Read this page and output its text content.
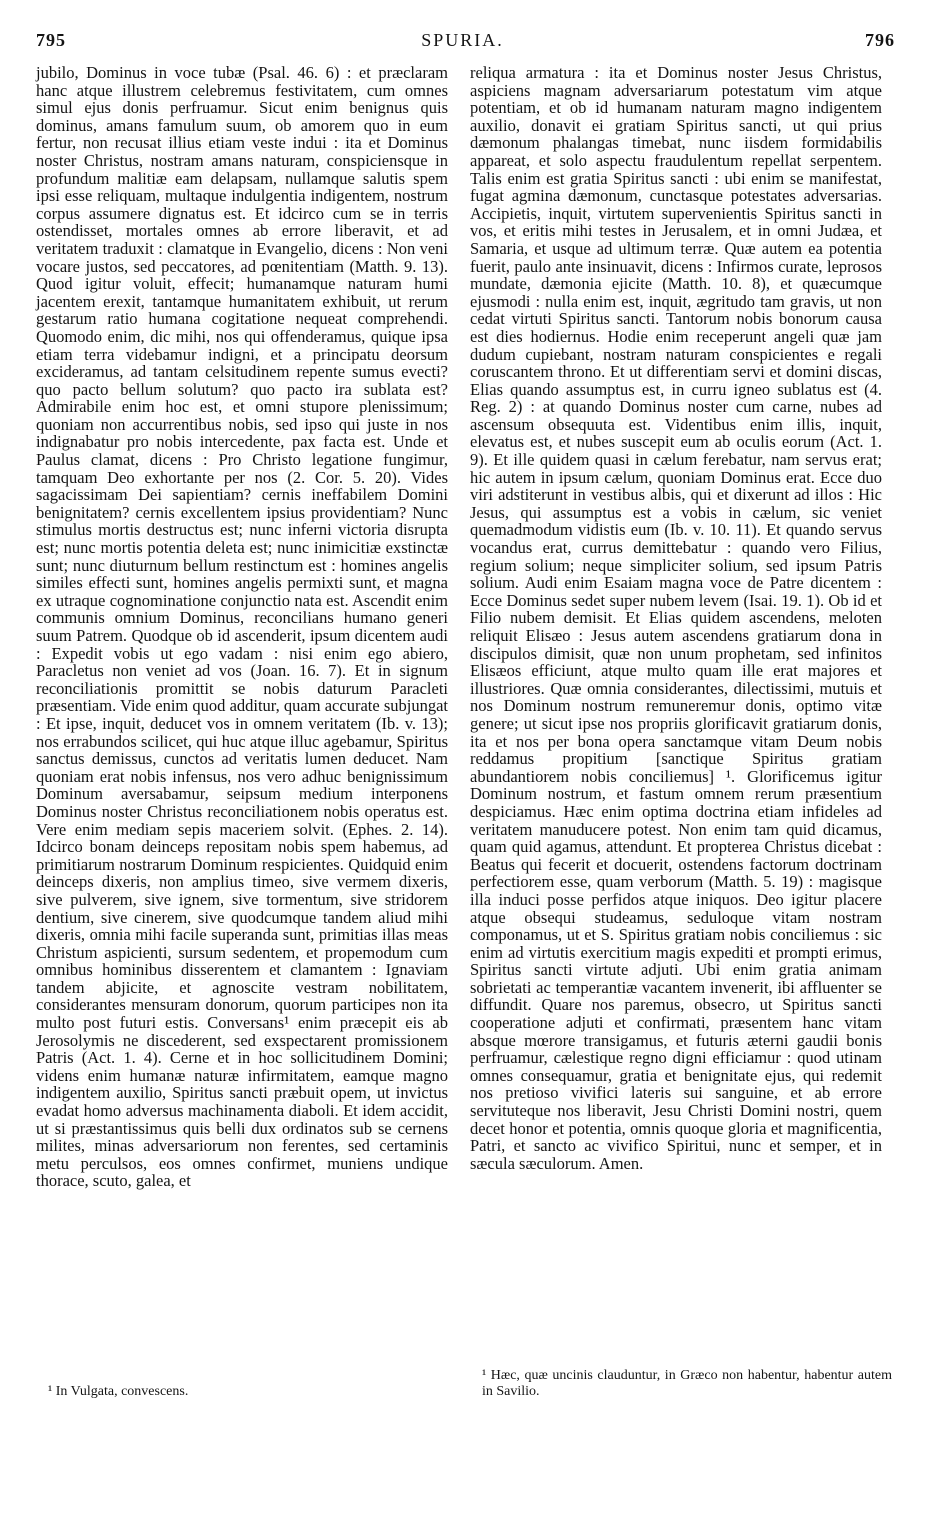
795	SPURIA.	796

jubilo, Dominus in voce tubæ (Psal. 46. 6) : et præclaram hanc atque illustrem celebremus festivitatem, cum omnes simul ejus donis perfruamur. Sicut enim benignus quis dominus, amans famulum suum, ob amorem quo in eum fertur, non recusat illius etiam veste indui : ita et Dominus noster Christus, nostram amans naturam, conspiciensque in profundum malitiæ eam delapsam, nullamque salutis spem ipsi esse reliquam, multaque indulgentia indigentem, nostrum corpus assumere dignatus est. Et idcirco cum se in terris ostendisset, mortales omnes ab errore liberavit, et ad veritatem traduxit : clamatque in Evangelio, dicens : Non veni vocare justos, sed peccatores, ad pœnitentiam (Matth. 9. 13). Quod igitur voluit, effecit; humanamque naturam humi jacentem erexit, tantamque humanitatem exhibuit, ut rerum gestarum ratio humana cogitatione nequeat comprehendi. Quomodo enim, dic mihi, nos qui offenderamus, quique ipsa etiam terra videbamur indigni, et a principatu deorsum excideramus, ad tantam celsitudinem repente sumus evecti? quo pacto bellum solutum? quo pacto ira sublata est? Admirabile enim hoc est, et omni stupore plenissimum; quoniam non accurrentibus nobis, sed ipso qui juste in nos indignabatur pro nobis intercedente, pax facta est. Unde et Paulus clamat, dicens : Pro Christo legatione fungimur, tamquam Deo exhortante per nos (2. Cor. 5. 20). Vides sagacissimam Dei sapientiam? cernis ineffabilem Domini benignitatem? cernis excellentem ipsius providentiam? Nunc stimulus mortis destructus est; nunc inferni victoria disrupta est; nunc mortis potentia deleta est; nunc inimicitiæ exstinctæ sunt; nunc diuturnum bellum restinctum est : homines angelis similes effecti sunt, homines angelis permixti sunt, et magna ex utraque cognominatione conjunctio nata est. Ascendit enim communis omnium Dominus, reconcilians humano generi suum Patrem. Quodque ob id ascenderit, ipsum dicentem audi : Expedit vobis ut ego vadam : nisi enim ego abiero, Paracletus non veniet ad vos (Joan. 16. 7). Et in signum reconciliationis promittit se nobis daturum Paracleti præsentiam. Vide enim quod additur, quam accurate subjungat : Et ipse, inquit, deducet vos in omnem veritatem (Ib. v. 13); nos errabundos scilicet, qui huc atque illuc agebamur, Spiritus sanctus demissus, cunctos ad veritatis lumen deducet. Nam quoniam erat nobis infensus, nos vero adhuc benignissimum Dominum aversabamur, seipsum medium interponens Dominus noster Christus reconciliationem nobis operatus est. Vere enim mediam sepis maceriem solvit. (Ephes. 2. 14). Idcirco bonam deinceps repositam nobis spem habemus, ad primitiarum nostrarum Dominum respicientes. Quidquid enim deinceps dixeris, non amplius timeo, sive vermem dixeris, sive pulverem, sive ignem, sive tormentum, sive stridorem dentium, sive cinerem, sive quodcumque tandem aliud mihi dixeris, omnia mihi facile superanda sunt, primitias illas meas Christum aspicienti, sursum sedentem, et propemodum cum omnibus hominibus disserentem et clamantem : Ignaviam tandem abjicite, et agnoscite vestram nobilitatem, considerantes mensuram donorum, quorum participes non ita multo post futuri estis. Conversans¹ enim præcepit eis ab Jerosolymis ne discederent, sed exspectarent promissionem Patris (Act. 1. 4). Cerne et in hoc sollicitudinem Domini; videns enim humanæ naturæ infirmitatem, eamque magno indigentem auxilio, Spiritus sancti præbuit opem, ut invictus evadat homo adversus machinamenta diaboli. Et idem accidit, ut si præstantissimus quis belli dux ordinatos sub se cernens milites, minas adversariorum non ferentes, sed certaminis metu perculsos, eos omnes confirmet, muniens undique thorace, scuto, galea, et

¹ In Vulgata, convescens.

reliqua armatura : ita et Dominus noster Jesus Christus, aspiciens magnam adversariarum potestatum vim atque potentiam, et ob id humanam naturam magno indigentem auxilio, donavit ei gratiam Spiritus sancti, ut qui prius dæmonum phalangas timebat, nunc iisdem formidabilis appareat, et solo aspectu fraudulentum repellat serpentem. Talis enim est gratia Spiritus sancti : ubi enim se manifestat, fugat agmina dæmonum, cunctasque potestates adversarias. Accipietis, inquit, virtutem supervenientis Spiritus sancti in vos, et eritis mihi testes in Jerusalem, et in omni Judæa, et Samaria, et usque ad ultimum terræ. Quæ autem ea potentia fuerit, paulo ante insinuavit, dicens : Infirmos curate, leprosos mundate, dæmonia ejicite (Matth. 10. 8), et quæcumque ejusmodi : nulla enim est, inquit, ægritudo tam gravis, ut non cedat virtuti Spiritus sancti. Tantorum nobis bonorum causa est dies hodiernus. Hodie enim receperunt angeli quæ jam dudum cupiebant, nostram naturam conspicientes e regali coruscantem throno. Et ut differentiam servi et domini discas, Elias quando assumptus est, in curru igneo sublatus est (4. Reg. 2) : at quando Dominus noster cum carne, nubes ad ascensum obsequuta est. Videntibus enim illis, inquit, elevatus est, et nubes suscepit eum ab oculis eorum (Act. 1. 9). Et ille quidem quasi in cælum ferebatur, nam servus erat; hic autem in ipsum cælum, quoniam Dominus erat. Ecce duo viri adstiterunt in vestibus albis, qui et dixerunt ad illos : Hic Jesus, qui assumptus est a vobis in cælum, sic veniet quemadmodum vidistis eum (Ib. v. 10. 11). Et quando servus vocandus erat, currus demittebatur : quando vero Filius, regium solium; neque simpliciter solium, sed ipsum Patris solium. Audi enim Esaiam magna voce de Patre dicentem : Ecce Dominus sedet super nubem levem (Isai. 19. 1). Ob id et Filio nubem demisit. Et Elias quidem ascendens, meloten reliquit Elisæo : Jesus autem ascendens gratiarum dona in discipulos dimisit, quæ non unum prophetam, sed infinitos Elisæos efficiunt, atque multo quam ille erat majores et illustriores. Quæ omnia considerantes, dilectissimi, mutuis et nos Dominum nostrum remuneremur donis, optimo vitæ genere; ut sicut ipse nos propriis glorificavit gratiarum donis, ita et nos per bona opera sanctamque vitam Deum nobis reddamus propitium [sanctique Spiritus gratiam abundantiorem nobis conciliemus] ¹. Glorificemus igitur Dominum nostrum, et fastum omnem rerum præsentium despiciamus. Hæc enim optima doctrina etiam infideles ad veritatem manuducere potest. Non enim tam quid dicamus, quam quid agamus, attendunt. Et propterea Christus dicebat : Beatus qui fecerit et docuerit, ostendens factorum doctrinam perfectiorem esse, quam verborum (Matth. 5. 19) : magisque illa induci posse perfidos atque iniquos. Deo igitur placere atque obsequi studeamus, seduloque vitam nostram componamus, ut et S. Spiritus gratiam nobis conciliemus : sic enim ad virtutis exercitium magis expediti et prompti erimus, Spiritus sancti virtute adjuti. Ubi enim gratia animam sobrietati ac temperantiæ vacantem invenerit, ibi affluenter se diffundit. Quare nos paremus, obsecro, ut Spiritus sancti cooperatione adjuti et confirmati, præsentem hanc vitam absque mœrore transigamus, et futuris æterni gaudii bonis perfruamur, cælestique regno digni efficiamur : quod utinam omnes consequamur, gratia et benignitate ejus, qui redemit nos pretioso vivifici lateris sui sanguine, et ab errore servituteque nos liberavit, Jesu Christi Domini nostri, quem decet honor et potentia, omnis quoque gloria et magnificentia, Patri, et sancto ac vivifico Spiritui, nunc et semper, et in sæcula sæculorum. Amen.

¹ Hæc, quæ uncinis clauduntur, in Græco non habentur, habentur autem in Savilio.
